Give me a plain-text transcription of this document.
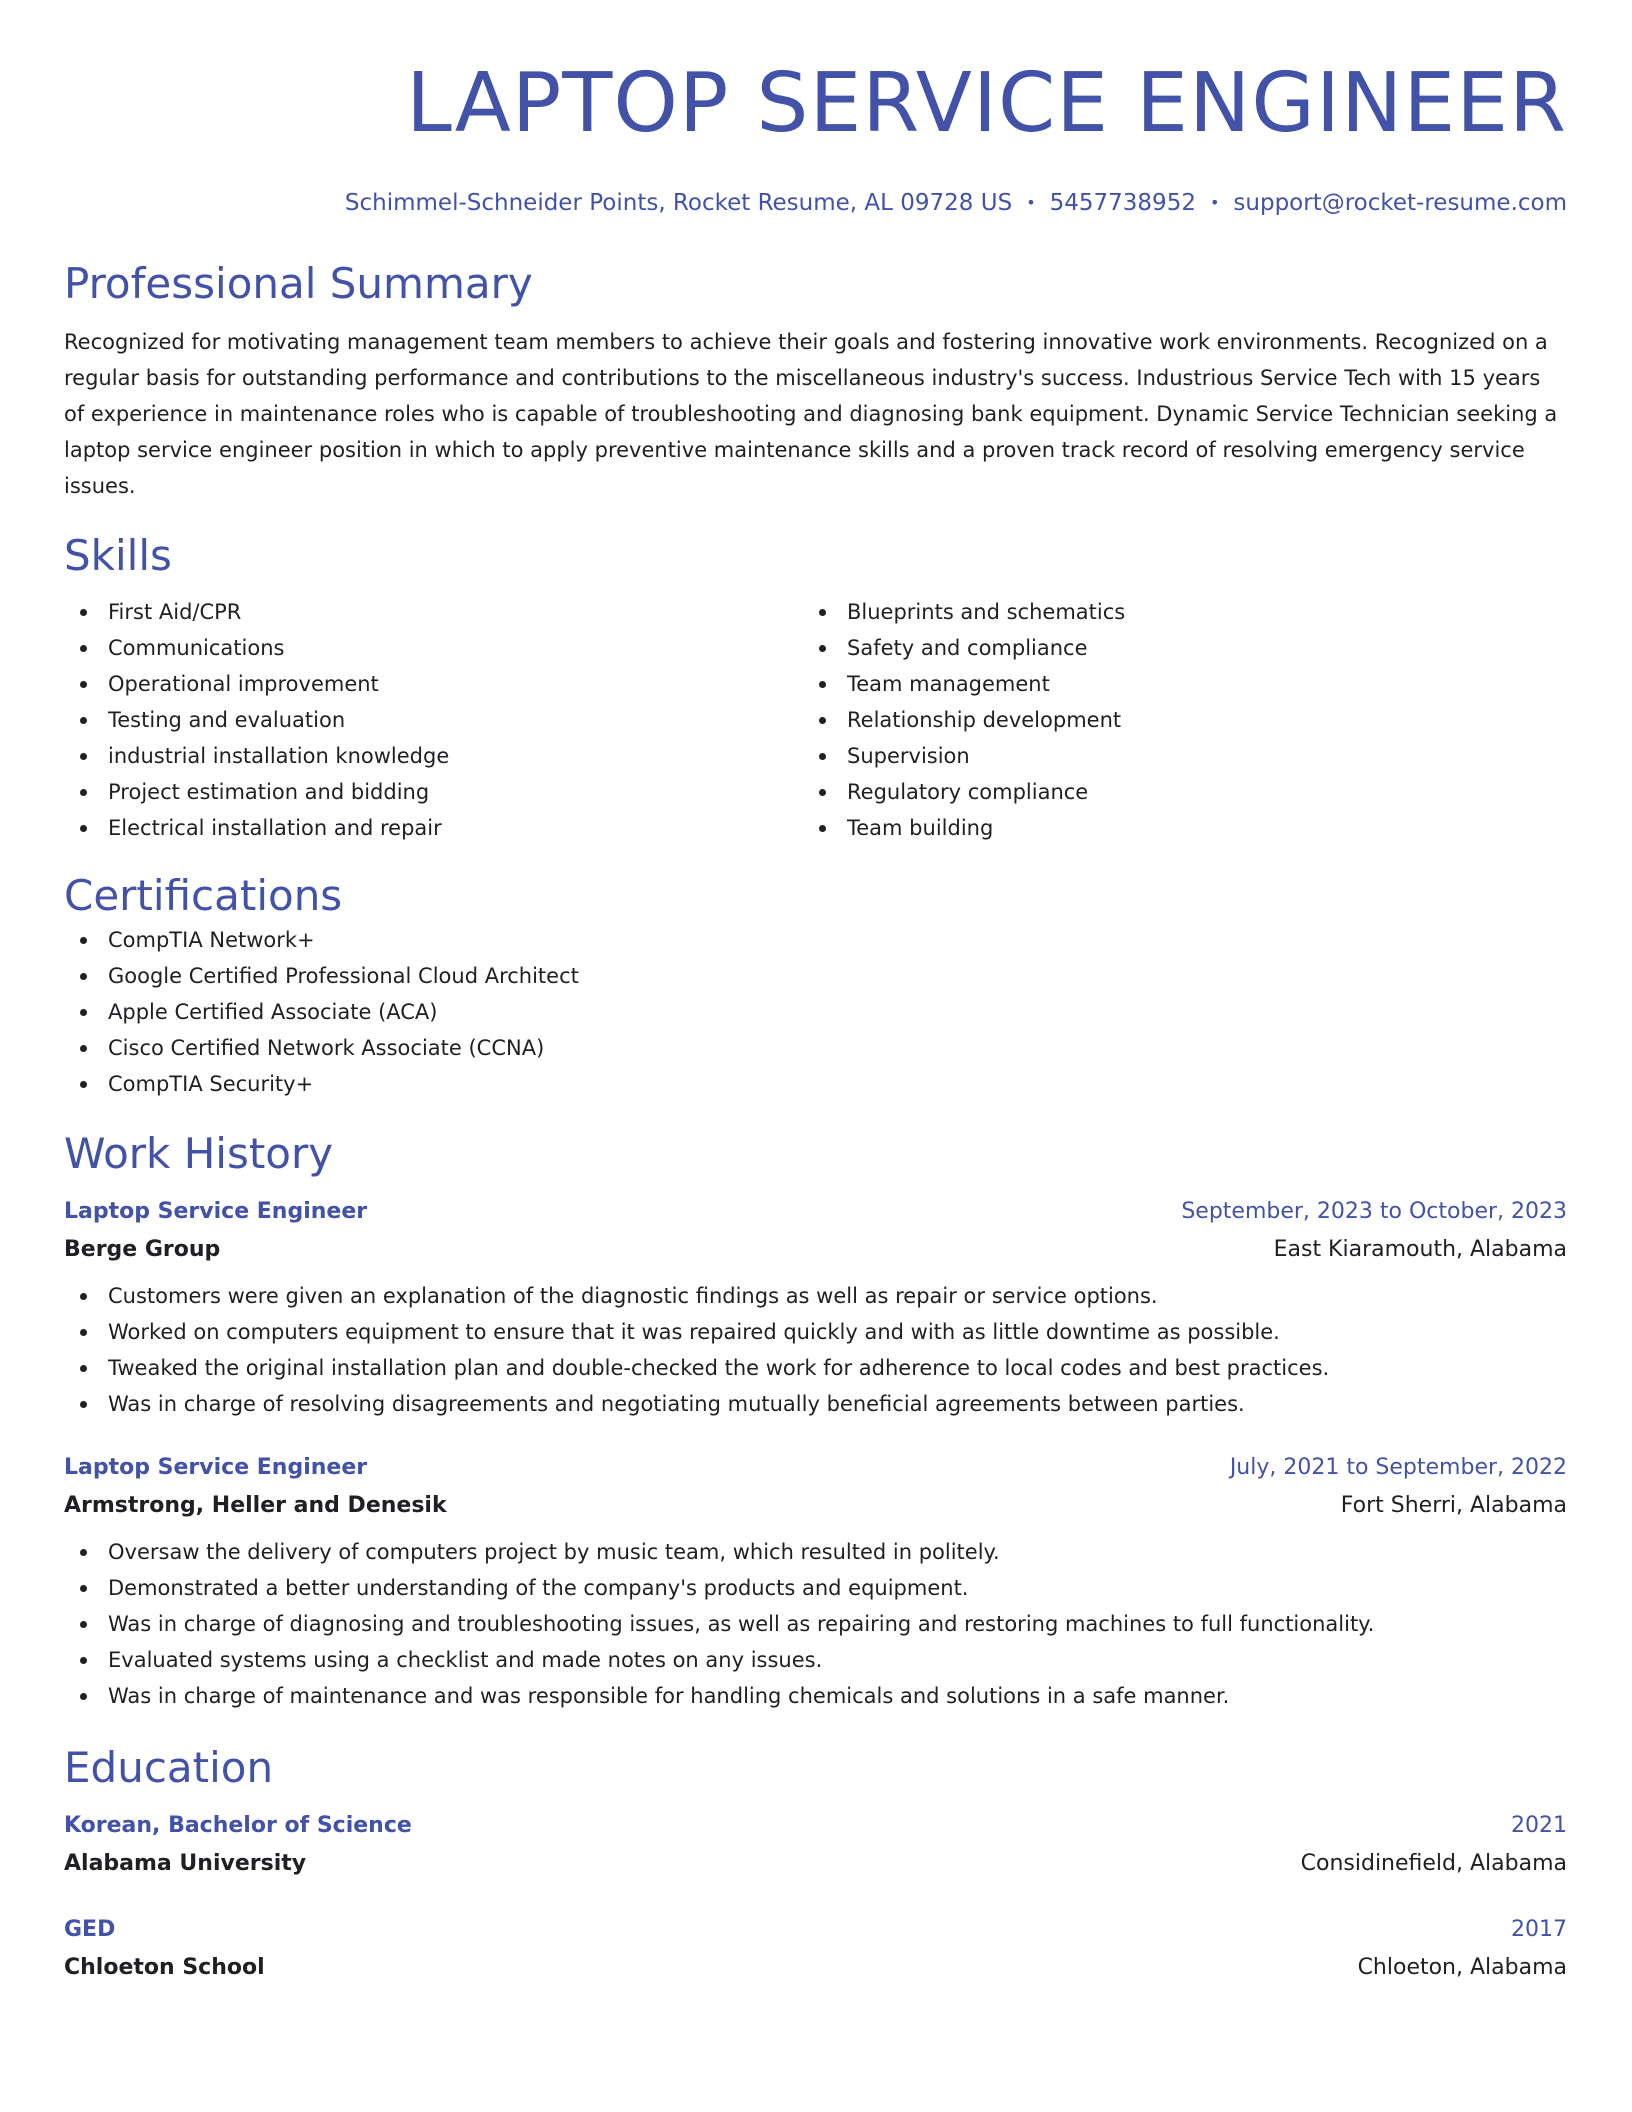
LAPTOP SERVICE ENGINEER
Schimmel-Schneider Points, Rocket Resume, AL 09728 US • 5457738952 • support@rocket-resume.com
Professional Summary

Recognized for motivating management team members to achieve their goals and fostering innovative work environments. Recognized on a regular basis for outstanding performance and contributions to the miscellaneous industry's success. Industrious Service Tech with 15 years of experience in maintenance roles who is capable of troubleshooting and diagnosing bank equipment. Dynamic Service Technician seeking a laptop service engineer position in which to apply preventive maintenance skills and a proven track record of resolving emergency service issues.

Skills
First Aid/CPR
Communications
Operational improvement
Testing and evaluation
industrial installation knowledge
Project estimation and bidding
Electrical installation and repair
Blueprints and schematics
Safety and compliance
Team management
Relationship development
Supervision
Regulatory compliance
Team building
Certifications
CompTIA Network+
Google Certified Professional Cloud Architect
Apple Certified Associate (ACA)
Cisco Certified Network Associate (CCNA)
CompTIA Security+
Work History
Laptop Service Engineer	September, 2023 to October, 2023
Berge Group	East Kiaramouth, Alabama
Customers were given an explanation of the diagnostic findings as well as repair or service options.
Worked on computers equipment to ensure that it was repaired quickly and with as little downtime as possible.
Tweaked the original installation plan and double-checked the work for adherence to local codes and best practices.
Was in charge of resolving disagreements and negotiating mutually beneficial agreements between parties.
Laptop Service Engineer	July, 2021 to September, 2022
Armstrong, Heller and Denesik	Fort Sherri, Alabama
Oversaw the delivery of computers project by music team, which resulted in politely.
Demonstrated a better understanding of the company's products and equipment.
Was in charge of diagnosing and troubleshooting issues, as well as repairing and restoring machines to full functionality.
Evaluated systems using a checklist and made notes on any issues.
Was in charge of maintenance and was responsible for handling chemicals and solutions in a safe manner.
Education
Korean, Bachelor of Science	2021
Alabama University	Considinefield, Alabama
GED	2017
Chloeton School	Chloeton, Alabama
